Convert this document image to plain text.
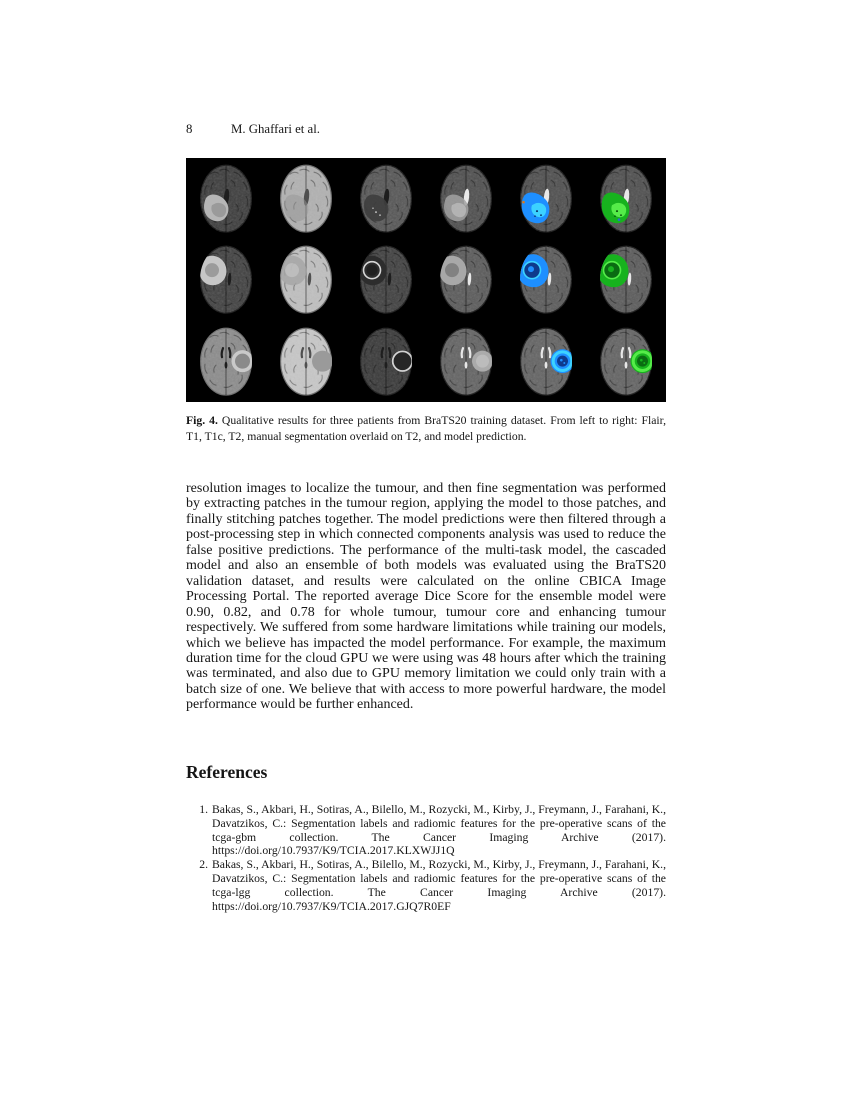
8	M. Ghaffari et al.

Fig. 4. Qualitative results for three patients from BraTS20 training dataset. From left to right: Flair, T1, T1c, T2, manual segmentation overlaid on T2, and model prediction.

resolution images to localize the tumour, and then fine segmentation was performed by extracting patches in the tumour region, applying the model to those patches, and finally stitching patches together. The model predictions were then filtered through a post-processing step in which connected components analysis was used to reduce the false positive predictions. The performance of the multi-task model, the cascaded model and also an ensemble of both models was evaluated using the BraTS20 validation dataset, and results were calculated on the online CBICA Image Processing Portal. The reported average Dice Score for the ensemble model were 0.90, 0.82, and 0.78 for whole tumour, tumour core and enhancing tumour respectively. We suffered from some hardware limitations while training our models, which we believe has impacted the model performance. For example, the maximum duration time for the cloud GPU we were using was 48 hours after which the training was terminated, and also due to GPU memory limitation we could only train with a batch size of one. We believe that with access to more powerful hardware, the model performance would be further enhanced.

References
1. Bakas, S., Akbari, H., Sotiras, A., Bilello, M., Rozycki, M., Kirby, J., Freymann, J., Farahani, K., Davatzikos, C.: Segmentation labels and radiomic features for the pre-operative scans of the tcga-gbm collection. The Cancer Imaging Archive (2017). https://doi.org/10.7937/K9/TCIA.2017.KLXWJJ1Q
2. Bakas, S., Akbari, H., Sotiras, A., Bilello, M., Rozycki, M., Kirby, J., Freymann, J., Farahani, K., Davatzikos, C.: Segmentation labels and radiomic features for the pre-operative scans of the tcga-lgg collection. The Cancer Imaging Archive (2017). https://doi.org/10.7937/K9/TCIA.2017.GJQ7R0EF
